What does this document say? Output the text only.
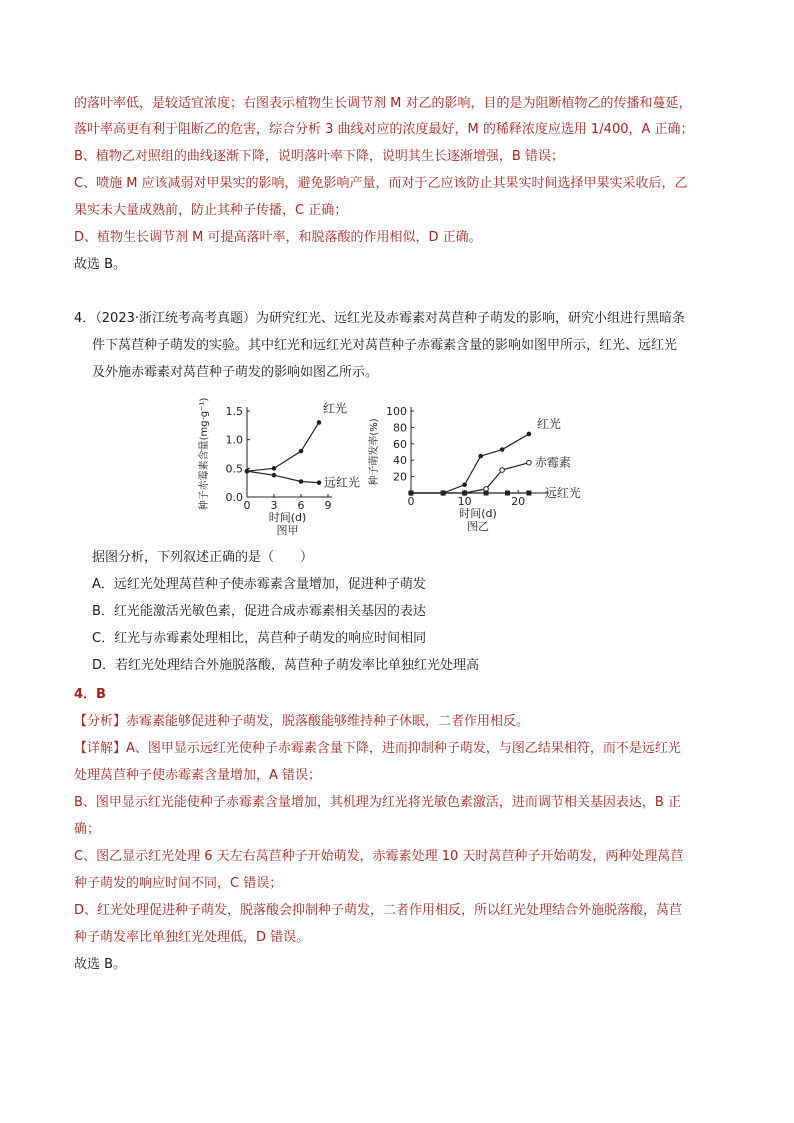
的落叶率低，是较适宜浓度；右图表示植物生长调节剂 M 对乙的影响，目的是为阻断植物乙的传播和蔓延，
落叶率高更有利于阻断乙的危害，综合分析 3 曲线对应的浓度最好，M 的稀释浓度应选用 1/400，A 正确；
B、植物乙对照组的曲线逐渐下降，说明落叶率下降，说明其生长逐渐增强，B 错误；
C、喷施 M 应该减弱对甲果实的影响，避免影响产量，而对于乙应该防止其果实时间选择甲果实采收后，乙
果实未大量成熟前，防止其种子传播，C 正确；
D、植物生长调节剂 M 可提高落叶率，和脱落酸的作用相似，D 正确。
故选 B。
4．（2023·浙江统考高考真题）为研究红光、远红光及赤霉素对莴苣种子萌发的影响，研究小组进行黑暗条
件下莴苣种子萌发的实验。其中红光和远红光对莴苣种子赤霉素含量的影响如图甲所示，红光、远红光
及外施赤霉素对莴苣种子萌发的影响如图乙所示。
0 3 6 9
0.0
0.5
1.0
1.5
时间(d)
图甲
种子赤霉素含量(mg·g⁻¹)	红光
远红光
0	10	20
20
40
60
80
100
时间(d)
图乙
种子萌发率(%)	红光
赤霉素
远红光
据图分析，下列叙述正确的是（　　）
A．远红光处理莴苣种子使赤霉素含量增加，促进种子萌发
B．红光能激活光敏色素，促进合成赤霉素相关基因的表达
C．红光与赤霉素处理相比，莴苣种子萌发的响应时间相同
D．若红光处理结合外施脱落酸，莴苣种子萌发率比单独红光处理高
4．B
【分析】赤霉素能够促进种子萌发，脱落酸能够维持种子休眠，二者作用相反。
【详解】A、图甲显示远红光使种子赤霉素含量下降，进而抑制种子萌发，与图乙结果相符，而不是远红光
处理莴苣种子使赤霉素含量增加，A 错误；
B、图甲显示红光能使种子赤霉素含量增加，其机理为红光将光敏色素激活，进而调节相关基因表达，B 正
确；
C、图乙显示红光处理 6 天左右莴苣种子开始萌发，赤霉素处理 10 天时莴苣种子开始萌发，两种处理莴苣
种子萌发的响应时间不同，C 错误；
D、红光处理促进种子萌发，脱落酸会抑制种子萌发，二者作用相反，所以红光处理结合外施脱落酸，莴苣
种子萌发率比单独红光处理低，D 错误。
故选 B。
